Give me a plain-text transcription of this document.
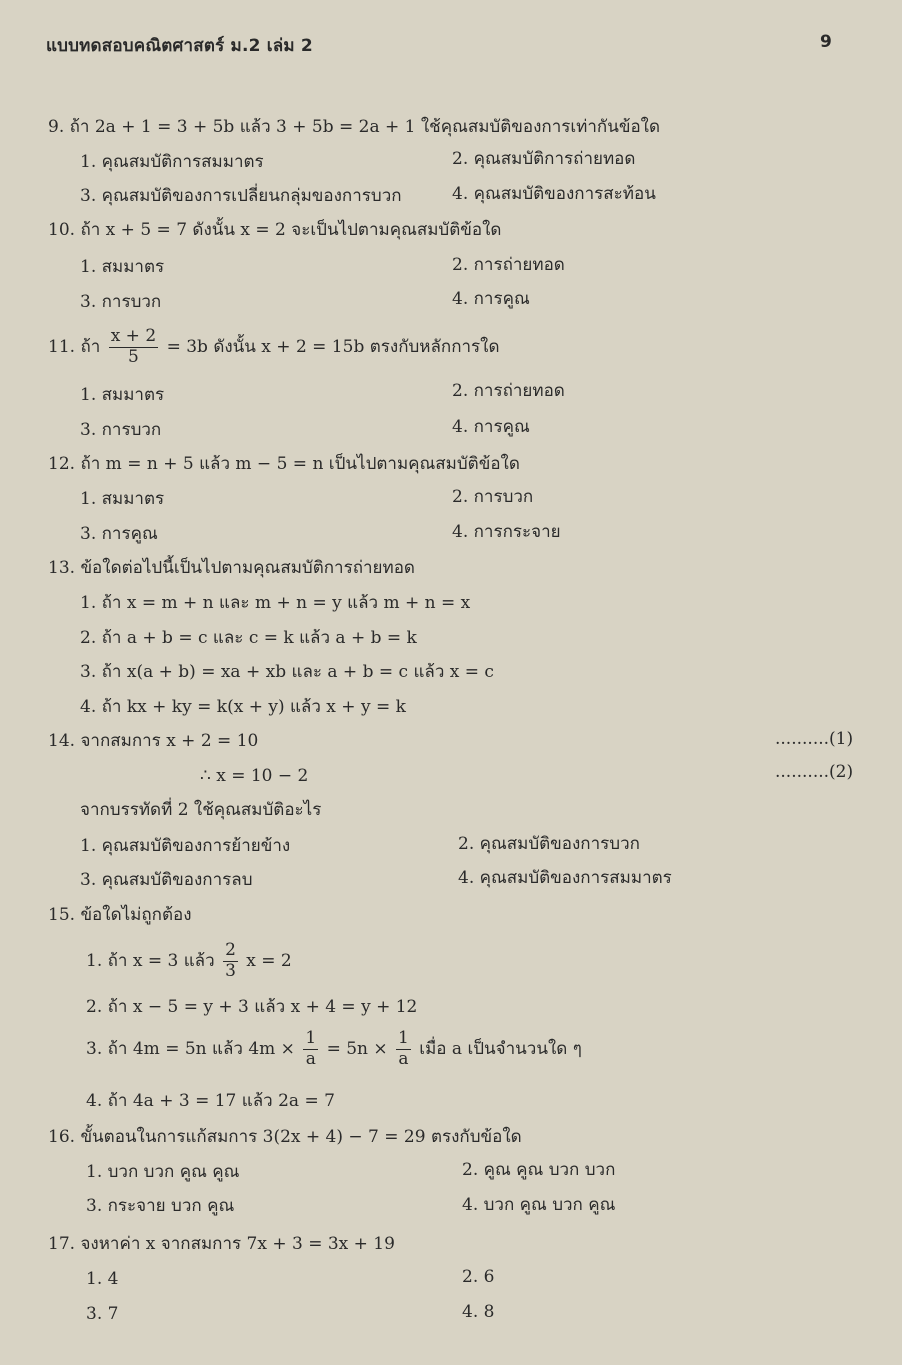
แบบทดสอบคณิตศาสตร์ ม.2 เล่ม 2	9
9. ถ้า 2a + 1 = 3 + 5b แล้ว 3 + 5b = 2a + 1 ใช้คุณสมบัติของการเท่ากันข้อใด
1. คุณสมบัติการสมมาตร	2. คุณสมบัติการถ่ายทอด
3. คุณสมบัติของการเปลี่ยนกลุ่มของการบวก	4. คุณสมบัติของการสะท้อน
10. ถ้า x + 5 = 7 ดังนั้น x = 2 จะเป็นไปตามคุณสมบัติข้อใด
1. สมมาตร	2. การถ่ายทอด
3. การบวก	4. การคูณ
11. ถ้า $\frac{x + 2}{5} = 3b$ ดังนั้น x + 2 = 15b ตรงกับหลักการใด
1. สมมาตร	2. การถ่ายทอด
3. การบวก	4. การคูณ
12. ถ้า m = n + 5 แล้ว m − 5 = n เป็นไปตามคุณสมบัติข้อใด
1. สมมาตร	2. การบวก
3. การคูณ	4. การกระจาย
13. ข้อใดต่อไปนี้เป็นไปตามคุณสมบัติการถ่ายทอด
1. ถ้า x = m + n และ m + n = y แล้ว m + n = x
2. ถ้า a + b = c และ c = k แล้ว a + b = k
3. ถ้า x(a + b) = xa + xb และ a + b = c แล้ว x = c
4. ถ้า kx + ky = k(x + y) แล้ว x + y = k
14. จากสมการ x + 2 = 10	..........(1)
∴ x = 10 − 2	..........(2)
จากบรรทัดที่ 2 ใช้คุณสมบัติอะไร
1. คุณสมบัติของการย้ายข้าง	2. คุณสมบัติของการบวก
3. คุณสมบัติของการลบ	4. คุณสมบัติของการสมมาตร
15. ข้อใดไม่ถูกต้อง
1. ถ้า x = 3 แล้ว $\frac{2}{3}$ x = 2
2. ถ้า x − 5 = y + 3 แล้ว x + 4 = y + 12
3. ถ้า 4m = 5n แล้ว $4m \times \frac{1}{a} = 5n \times \frac{1}{a}$ เมื่อ a เป็นจำนวนใด ๆ
4. ถ้า 4a + 3 = 17 แล้ว 2a = 7
16. ขั้นตอนในการแก้สมการ 3(2x + 4) − 7 = 29 ตรงกับข้อใด
1. บวก บวก คูณ คูณ	2. คูณ คูณ บวก บวก
3. กระจาย บวก คูณ	4. บวก คูณ บวก คูณ
17. จงหาค่า x จากสมการ 7x + 3 = 3x + 19
1. 4	2. 6
3. 7	4. 8
